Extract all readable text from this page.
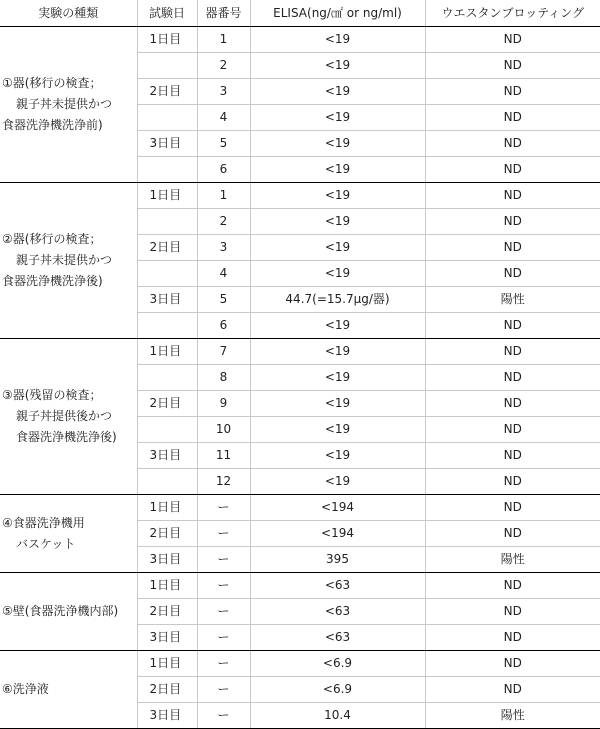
実験の種類	試験日	器番号	ELISA(ng/㎠ or ng/ml)	ウエスタンブロッティング

①器(移行の検査；
親子丼未提供かつ
食器洗浄機洗浄前)	1日目	1	<19	ND
		2	<19	ND
	2日目	3	<19	ND
		4	<19	ND
	3日目	5	<19	ND
		6	<19	ND

②器(移行の検査；
親子丼未提供かつ
食器洗浄機洗浄後)	1日目	1	<19	ND
		2	<19	ND
	2日目	3	<19	ND
		4	<19	ND
	3日目	5	44.7(=15.7μg/器)	陽性
		6	<19	ND

③器(残留の検査；
親子丼提供後かつ
食器洗浄機洗浄後)	1日目	7	<19	ND
		8	<19	ND
	2日目	9	<19	ND
		10	<19	ND
	3日目	11	<19	ND
		12	<19	ND

④食器洗浄機用
バスケット	1日目	ー	<194	ND
	2日目	ー	<194	ND
	3日目	ー	395	陽性

⑤壁(食器洗浄機内部)	1日目	ー	<63	ND
	2日目	ー	<63	ND
	3日目	ー	<63	ND

⑥洗浄液	1日目	ー	<6.9	ND
	2日目	ー	<6.9	ND
	3日目	ー	10.4	陽性
